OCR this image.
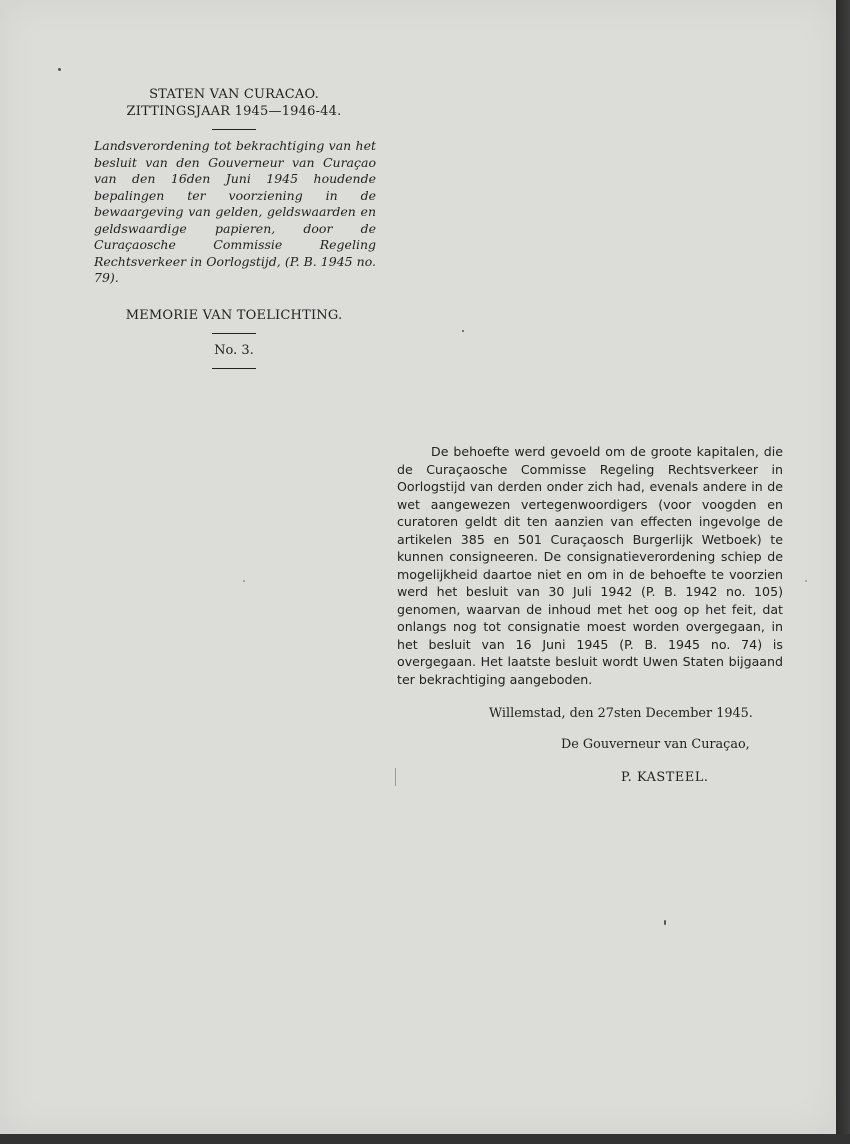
STATEN VAN CURACAO.

ZITTINGSJAAR 1945—1946-44.

Landsverordening tot bekrachtiging van het besluit van den Gouverneur van Curaçao van den 16den Juni 1945 houdende bepalingen ter voorziening in de bewaargeving van gelden, geldswaarden en geldswaardige papieren, door de Curaçaosche Commissie Regeling Rechtsverkeer in Oorlogstijd, (P. B. 1945 no. 79).

MEMORIE VAN TOELICHTING.

No. 3.

De behoefte werd gevoeld om de groote kapitalen, die de Curaçaosche Commisse Regeling Rechtsverkeer in Oorlogstijd van derden onder zich had, evenals andere in de wet aangewezen vertegenwoordigers (voor voogden en curatoren geldt dit ten aanzien van effecten ingevolge de artikelen 385 en 501 Curaçaosch Burgerlijk Wetboek) te kunnen consigneeren. De consignatieverordening schiep de mogelijkheid daartoe niet en om in de behoefte te voorzien werd het besluit van 30 Juli 1942 (P. B. 1942 no. 105) genomen, waarvan de inhoud met het oog op het feit, dat onlangs nog tot consignatie moest worden overgegaan, in het besluit van 16 Juni 1945 (P. B. 1945 no. 74) is overgegaan. Het laatste besluit wordt Uwen Staten bijgaand ter bekrachtiging aangeboden.

Willemstad, den 27sten December 1945.

De Gouverneur van Curaçao,

P. KASTEEL.
